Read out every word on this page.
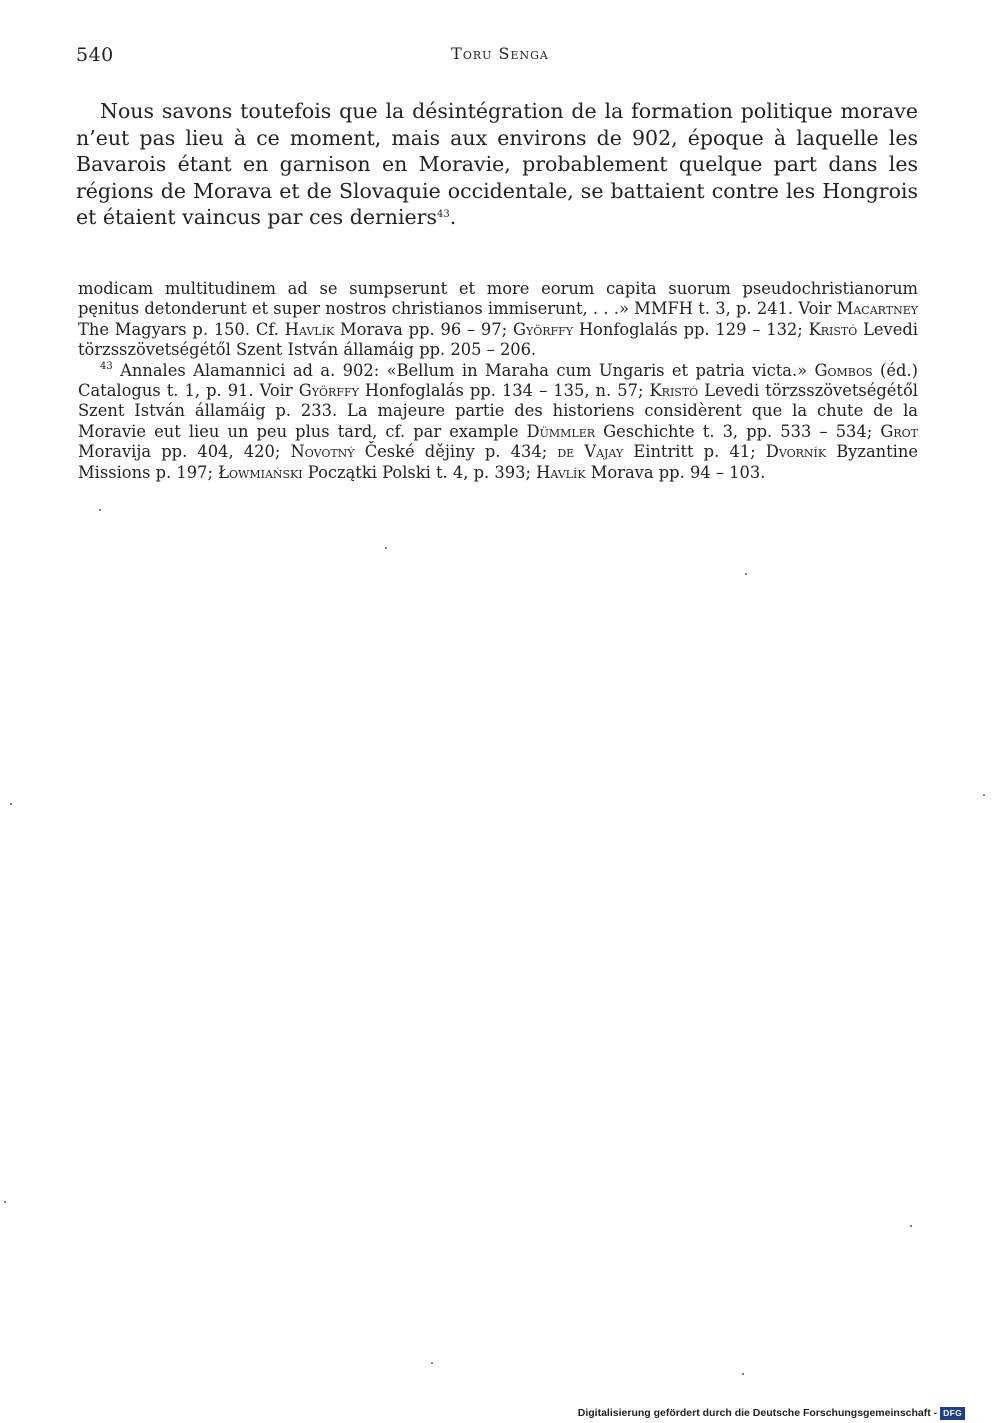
540	Toru Senga

Nous savons toutefois que la désintégration de la formation politique morave n’eut pas lieu à ce moment, mais aux environs de 902, époque à laquelle les Bavarois étant en garnison en Moravie, probablement quelque part dans les régions de Morava et de Slovaquie occidentale, se battaient contre les Hongrois et étaient vaincus par ces derniers$^{43}$.

modicam multitudinem ad se sumpserunt et more eorum capita suorum pseudochristianorum pęnitus detonderunt et super nostros christianos immiserunt, . . .» MMFH t. 3, p. 241. Voir Macartney The Magyars p. 150. Cf. Havlík Morava pp. 96 – 97; Györffy Honfoglalás pp. 129 – 132; Kristó Levedi törzsszövetségétől Szent István államáig pp. 205 – 206.

$^{43}$ Annales Alamannici ad a. 902: «Bellum in Maraha cum Ungaris et patria victa.» Gombos (éd.) Catalogus t. 1, p. 91. Voir Györffy Honfoglalás pp. 134 – 135, n. 57; Kristó Levedi törzsszövetségétől Szent István államáig p. 233. La majeure partie des historiens considèrent que la chute de la Moravie eut lieu un peu plus tard, cf. par example Dümmler Geschichte t. 3, pp. 533 – 534; Grot Moravija pp. 404, 420; Novotný České dějiny p. 434; de Vajay Eintritt p. 41; Dvorník Byzantine Missions p. 197; Łowmiański Początki Polski t. 4, p. 393; Havlík Morava pp. 94 – 103.

Digitalisierung gefördert durch die Deutsche Forschungsgemeinschaft - DFG
